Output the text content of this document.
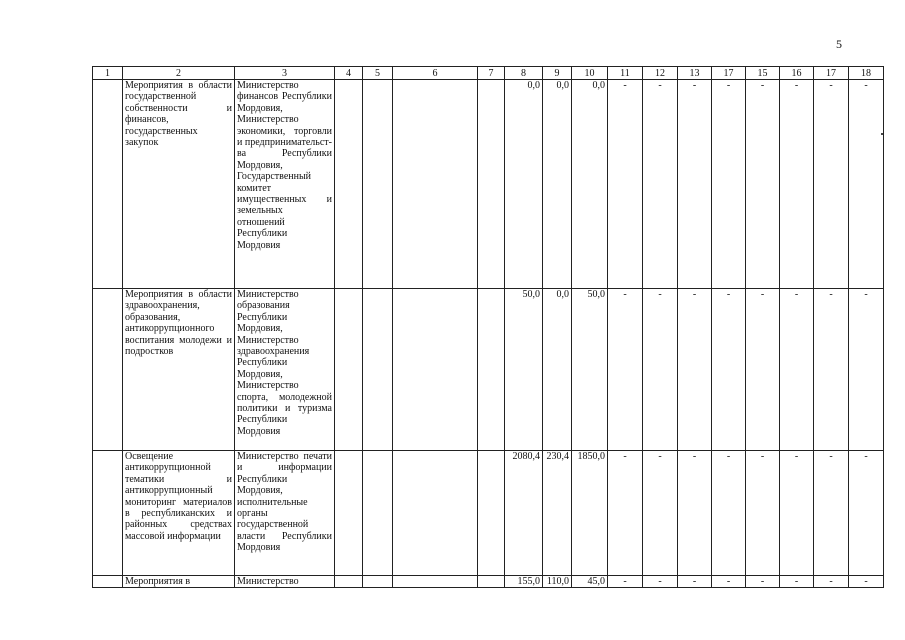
5
1	2	3	4	5	6	7	8	9	10	11	12	13	17	15	16	17	18
	Мероприятия в области государственной собственности и финансов, государственных закупок	Министерство финансов Республики Мордовия, Министерство экономики, торговли и предпринимательст-ва Республики Мордовия, Государственный комитет имущественных и земельных отношений Республики Мордовия					0,0	0,0	0,0	-	-	-	-	-	-	-	-
	Мероприятия в области здравоохранения, образования, антикоррупционного воспитания молодежи и подростков	Министерство образования Республики Мордовия, Министерство здравоохранения Республики Мордовия, Министерство спорта, молодежной политики и туризма Республики Мордовия					50,0	0,0	50,0	-	-	-	-	-	-	-	-
	Освещение антикоррупционной тематики и антикоррупционный мониторинг материалов в республиканских и районных средствах массовой информации	Министерство печати и информации Республики Мордовия, исполнительные органы государственной власти Республики Мордовия					2080,4	230,4	1850,0	-	-	-	-	-	-	-	-
	Мероприятия в	Министерство					155,0	110,0	45,0	-	-	-	-	-	-	-	-
